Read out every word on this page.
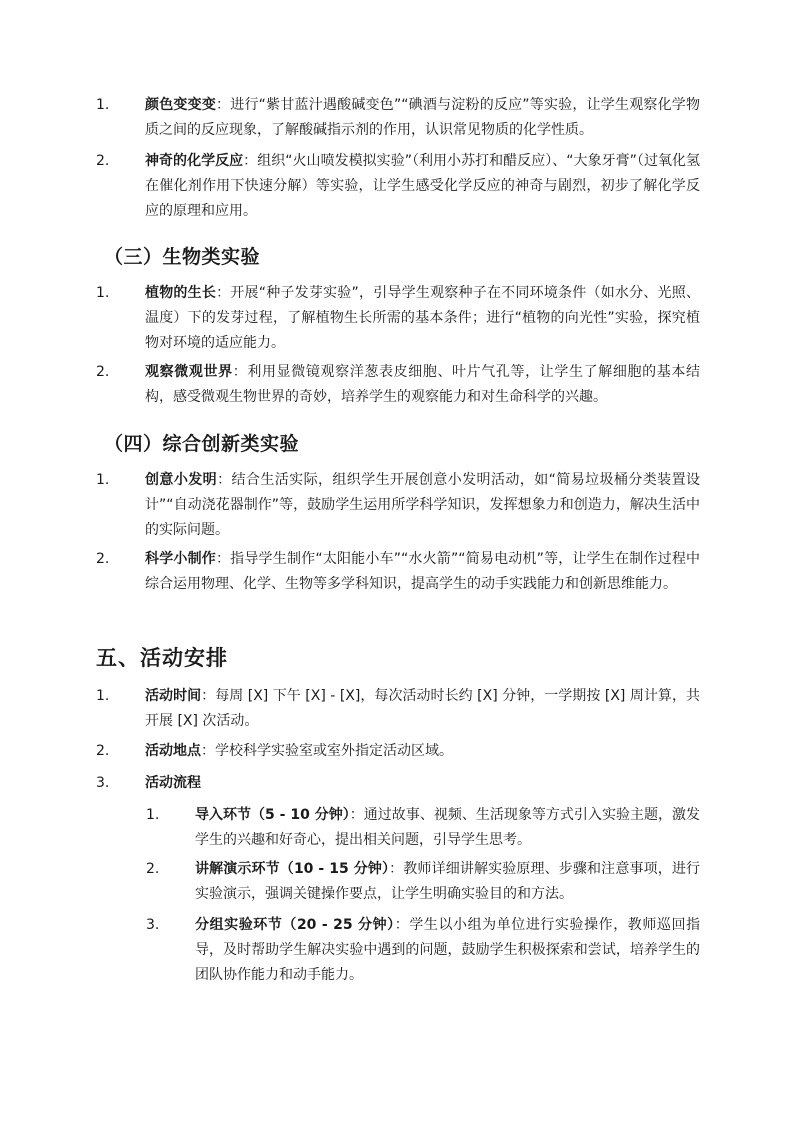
1.	颜色变变变：进行“紫甘蓝汁遇酸碱变色”“碘酒与淀粉的反应”等实验，让学生观察化学物质之间的反应现象，了解酸碱指示剂的作用，认识常见物质的化学性质。
2.	神奇的化学反应：组织“火山喷发模拟实验”（利用小苏打和醋反应）、“大象牙膏”（过氧化氢在催化剂作用下快速分解）等实验，让学生感受化学反应的神奇与剧烈，初步了解化学反应的原理和应用。
（三）生物类实验
1.	植物的生长：开展“种子发芽实验”，引导学生观察种子在不同环境条件（如水分、光照、温度）下的发芽过程，了解植物生长所需的基本条件；进行“植物的向光性”实验，探究植物对环境的适应能力。
2.	观察微观世界：利用显微镜观察洋葱表皮细胞、叶片气孔等，让学生了解细胞的基本结构，感受微观生物世界的奇妙，培养学生的观察能力和对生命科学的兴趣。
（四）综合创新类实验
1.	创意小发明：结合生活实际，组织学生开展创意小发明活动，如“简易垃圾桶分类装置设计”“自动浇花器制作”等，鼓励学生运用所学科学知识，发挥想象力和创造力，解决生活中的实际问题。
2.	科学小制作：指导学生制作“太阳能小车”“水火箭”“简易电动机”等，让学生在制作过程中综合运用物理、化学、生物等多学科知识，提高学生的动手实践能力和创新思维能力。
五、活动安排
1.	活动时间：每周 [X] 下午 [X] - [X]，每次活动时长约 [X] 分钟，一学期按 [X] 周计算，共开展 [X] 次活动。
2.	活动地点：学校科学实验室或室外指定活动区域。
3.	活动流程
1.	导入环节（5 - 10 分钟）：通过故事、视频、生活现象等方式引入实验主题，激发学生的兴趣和好奇心，提出相关问题，引导学生思考。
2.	讲解演示环节（10 - 15 分钟）：教师详细讲解实验原理、步骤和注意事项，进行实验演示，强调关键操作要点，让学生明确实验目的和方法。
3.	分组实验环节（20 - 25 分钟）：学生以小组为单位进行实验操作，教师巡回指导，及时帮助学生解决实验中遇到的问题，鼓励学生积极探索和尝试，培养学生的团队协作能力和动手能力。
